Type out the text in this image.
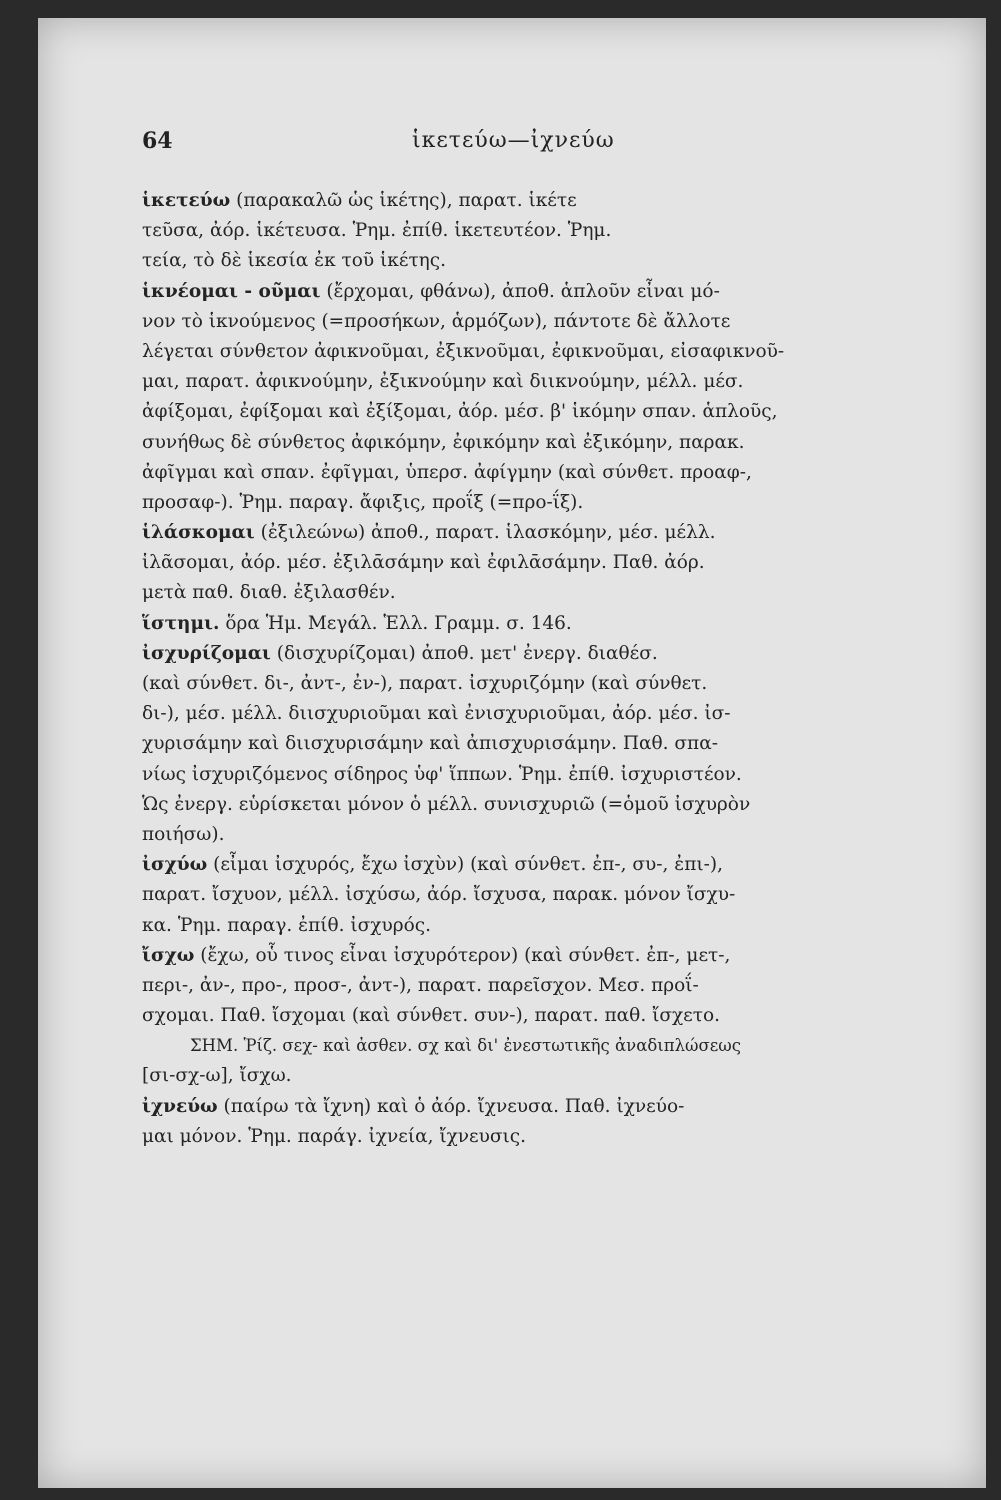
64	ἱκετεύω—ἰχνεύω
ἱκετεύω (παρακαλῶ ὡς ἱκέτης), παρατ. ἱκέτε
τεῦσα, ἀόρ. ἱκέτευσα. Ῥημ. ἐπίθ. ἱκετευτέον. Ῥημ.
τεία, τὸ δὲ ἱκεσία ἐκ τοῦ ἱκέτης.
ἱκνέομαι - οῦμαι (ἔρχομαι, φθάνω), ἀποθ. ἁπλοῦν εἶναι μό-
νον τὸ ἱκνούμενος (=προσήκων, ἁρμόζων), πάντοτε δὲ ἄλλοτε
λέγεται σύνθετον ἀφικνοῦμαι, ἐξικνοῦμαι, ἐφικνοῦμαι, εἰσαφικνοῦ-
μαι, παρατ. ἀφικνούμην, ἐξικνούμην καὶ διικνούμην, μέλλ. μέσ.
ἀφίξομαι, ἐφίξομαι καὶ ἐξίξομαι, ἀόρ. μέσ. β' ἱκόμην σπαν. ἁπλοῦς,
συνήθως δὲ σύνθετος ἀφικόμην, ἐφικόμην καὶ ἐξικόμην, παρακ.
ἀφῖγμαι καὶ σπαν. ἐφῖγμαι, ὑπερσ. ἀφίγμην (καὶ σύνθετ. προαφ-,
προσαφ-). Ῥημ. παραγ. ἄφιξις, προΐξ (=προ-ΐξ).
ἱλάσκομαι (ἐξιλεώνω) ἀποθ., παρατ. ἱλασκόμην, μέσ. μέλλ.
ἱλᾶσομαι, ἀόρ. μέσ. ἐξιλᾱσάμην καὶ ἐφιλᾱσάμην. Παθ. ἀόρ.
μετὰ παθ. διαθ. ἐξιλασθέν.
ἵστημι. ὅρα Ἡμ. Μεγάλ. Ἑλλ. Γραμμ. σ. 146.
ἰσχυρίζομαι (δισχυρίζομαι) ἀποθ. μετ' ἐνεργ. διαθέσ.
(καὶ σύνθετ. δι-, ἀντ-, ἐν-), παρατ. ἰσχυριζόμην (καὶ σύνθετ.
δι-), μέσ. μέλλ. διισχυριοῦμαι καὶ ἐνισχυριοῦμαι, ἀόρ. μέσ. ἰσ-
χυρισάμην καὶ διισχυρισάμην καὶ ἀπισχυρισάμην. Παθ. σπα-
νίως ἰσχυριζόμενος σίδηρος ὑφ' ἵππων. Ῥημ. ἐπίθ. ἰσχυριστέον.
Ὡς ἐνεργ. εὑρίσκεται μόνον ὁ μέλλ. συνισχυριῶ (=ὁμοῦ ἰσχυρὸν
ποιήσω).
ἰσχύω (εἶμαι ἰσχυρός, ἔχω ἰσχὺν) (καὶ σύνθετ. ἐπ-, συ-, ἐπι-),
παρατ. ἴσχυον, μέλλ. ἰσχύσω, ἀόρ. ἴσχυσα, παρακ. μόνον ἴσχυ-
κα. Ῥημ. παραγ. ἐπίθ. ἰσχυρός.
ἴσχω (ἔχω, οὗ τινος εἶναι ἰσχυρότερον) (καὶ σύνθετ. ἐπ-, μετ-,
περι-, ἀν-, προ-, προσ-, ἀντ-), παρατ. παρεῖσχον. Μεσ. προΐ-
σχομαι. Παθ. ἴσχομαι (καὶ σύνθετ. συν-), παρατ. παθ. ἴσχετο.
ΣΗΜ. Ῥίζ. σεχ- καὶ ἀσθεν. σχ καὶ δι' ἐνεστωτικῆς ἀναδιπλώσεως
[σι-σχ-ω], ἴσχω.
ἰχνεύω (παίρω τὰ ἴχνη) καὶ ὁ ἀόρ. ἴχνευσα. Παθ. ἰχνεύο-
μαι μόνον. Ῥημ. παράγ. ἰχνεία, ἴχνευσις.
